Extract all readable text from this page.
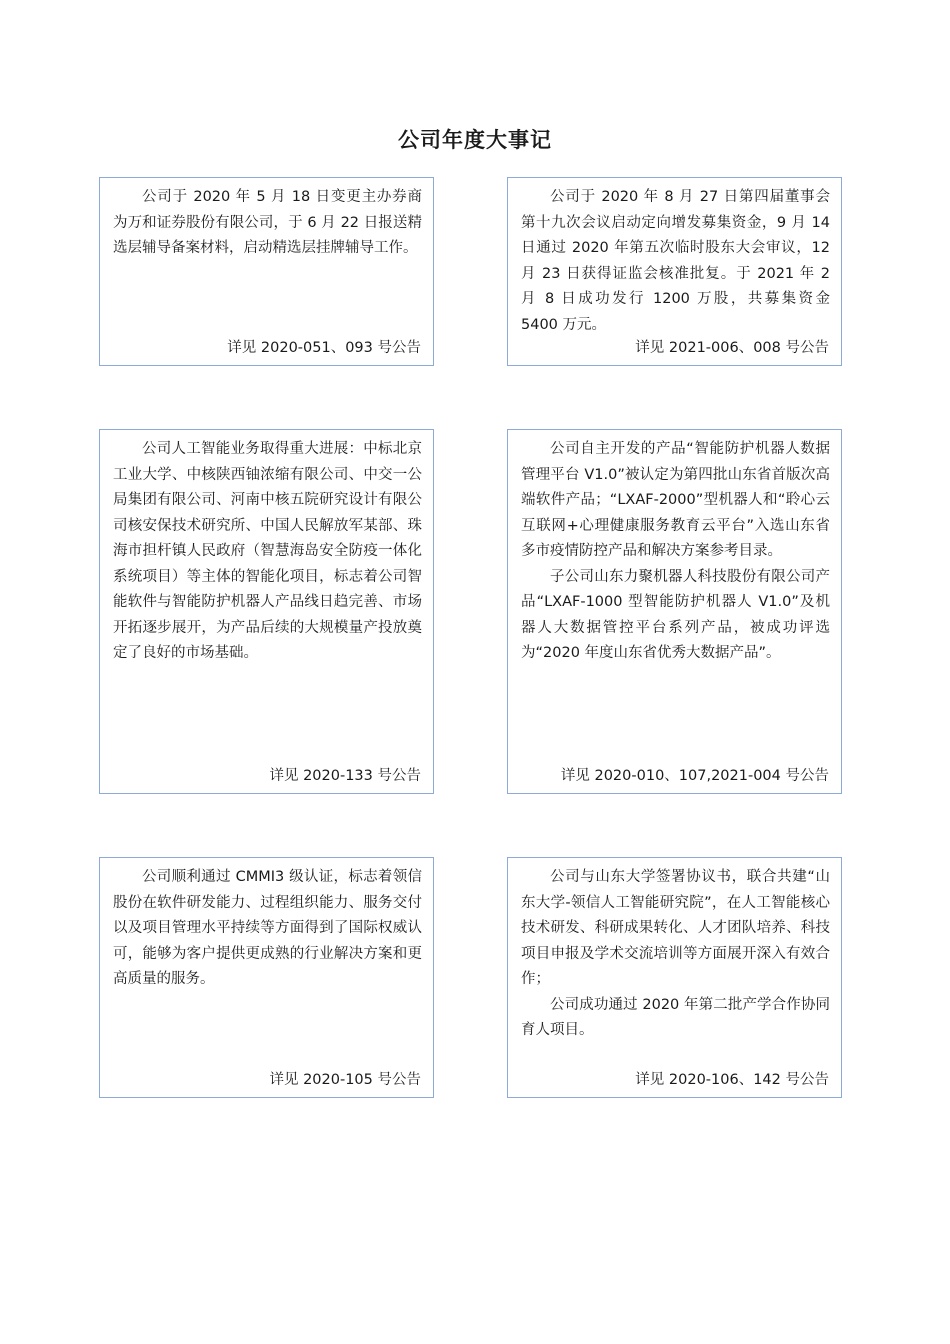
公司年度大事记

公司于 2020 年 5 月 18 日变更主办券商为万和证券股份有限公司，于 6 月 22 日报送精选层辅导备案材料，启动精选层挂牌辅导工作。

详见 2020-051、093 号公告

公司于 2020 年 8 月 27 日第四届董事会第十九次会议启动定向增发募集资金，9 月 14 日通过 2020 年第五次临时股东大会审议，12 月 23 日获得证监会核准批复。于 2021 年 2 月 8 日成功发行 1200 万股，共募集资金 5400 万元。

详见 2021-006、008 号公告

公司人工智能业务取得重大进展：中标北京工业大学、中核陕西铀浓缩有限公司、中交一公局集团有限公司、河南中核五院研究设计有限公司核安保技术研究所、中国人民解放军某部、珠海市担杆镇人民政府（智慧海岛安全防疫一体化系统项目）等主体的智能化项目，标志着公司智能软件与智能防护机器人产品线日趋完善、市场开拓逐步展开，为产品后续的大规模量产投放奠定了良好的市场基础。

详见 2020-133 号公告

公司自主开发的产品“智能防护机器人数据管理平台 V1.0”被认定为第四批山东省首版次高端软件产品；“LXAF-2000”型机器人和“聆心云互联网+心理健康服务教育云平台”入选山东省多市疫情防控产品和解决方案参考目录。

子公司山东力聚机器人科技股份有限公司产品“LXAF-1000 型智能防护机器人 V1.0”及机器人大数据管控平台系列产品，被成功评选为“2020 年度山东省优秀大数据产品”。

详见 2020-010、107,2021-004 号公告

公司顺利通过 CMMI3 级认证，标志着领信股份在软件研发能力、过程组织能力、服务交付以及项目管理水平持续等方面得到了国际权威认可，能够为客户提供更成熟的行业解决方案和更高质量的服务。

详见 2020-105 号公告

公司与山东大学签署协议书，联合共建“山东大学-领信人工智能研究院”，在人工智能核心技术研发、科研成果转化、人才团队培养、科技项目申报及学术交流培训等方面展开深入有效合作；

公司成功通过 2020 年第二批产学合作协同育人项目。

详见 2020-106、142 号公告
